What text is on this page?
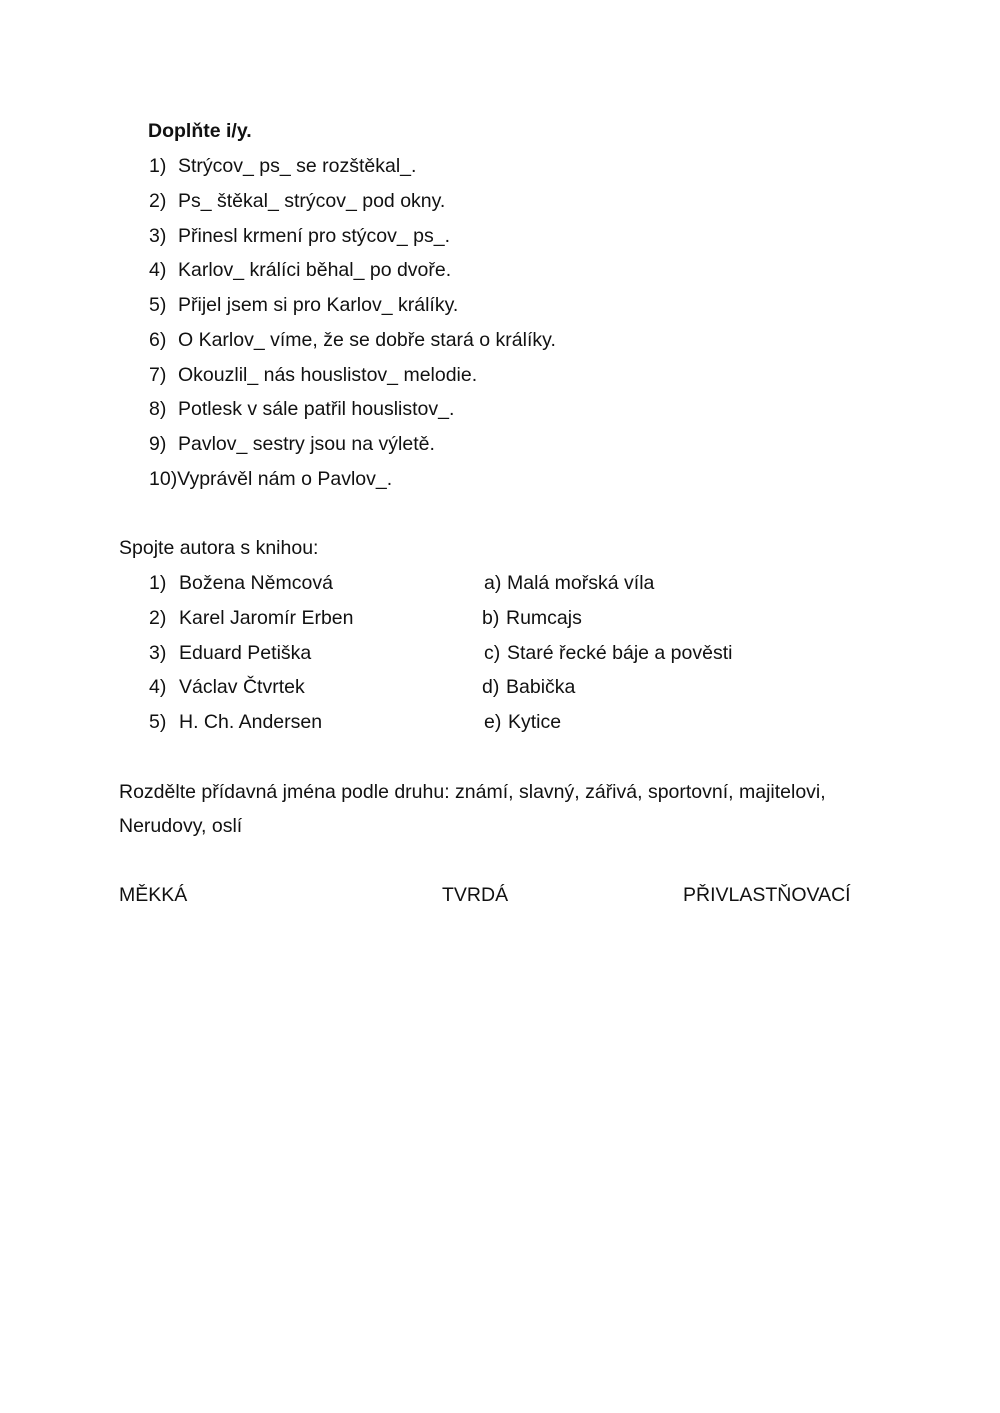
Doplňte i/y.
1) Strýcov_ ps_ se rozštěkal_.
2) Ps_ štěkal_ strýcov_ pod okny.
3) Přinesl krmení pro stýcov_ ps_.
4) Karlov_ králíci běhal_ po dvoře.
5) Přijel jsem si pro Karlov_ králíky.
6) O Karlov_ víme, že se dobře stará o králíky.
7) Okouzlil_ nás houslistov_ melodie.
8) Potlesk v sále patřil houslistov_.
9) Pavlov_ sestry jsou na výletě.
10)Vyprávěl nám o Pavlov_.
Spojte autora s knihou:
1) Božena Němcová	a) Malá mořská víla
2) Karel Jaromír Erben	b) Rumcajs
3) Eduard Petiška	c) Staré řecké báje a pověsti
4) Václav Čtvrtek	d) Babička
5) H. Ch. Andersen	e) Kytice
Rozdělte přídavná jména podle druhu: známí, slavný, zářivá, sportovní, majitelovi,
Nerudovy, oslí
MĚKKÁ	TVRDÁ	PŘIVLASTŇOVACÍ
